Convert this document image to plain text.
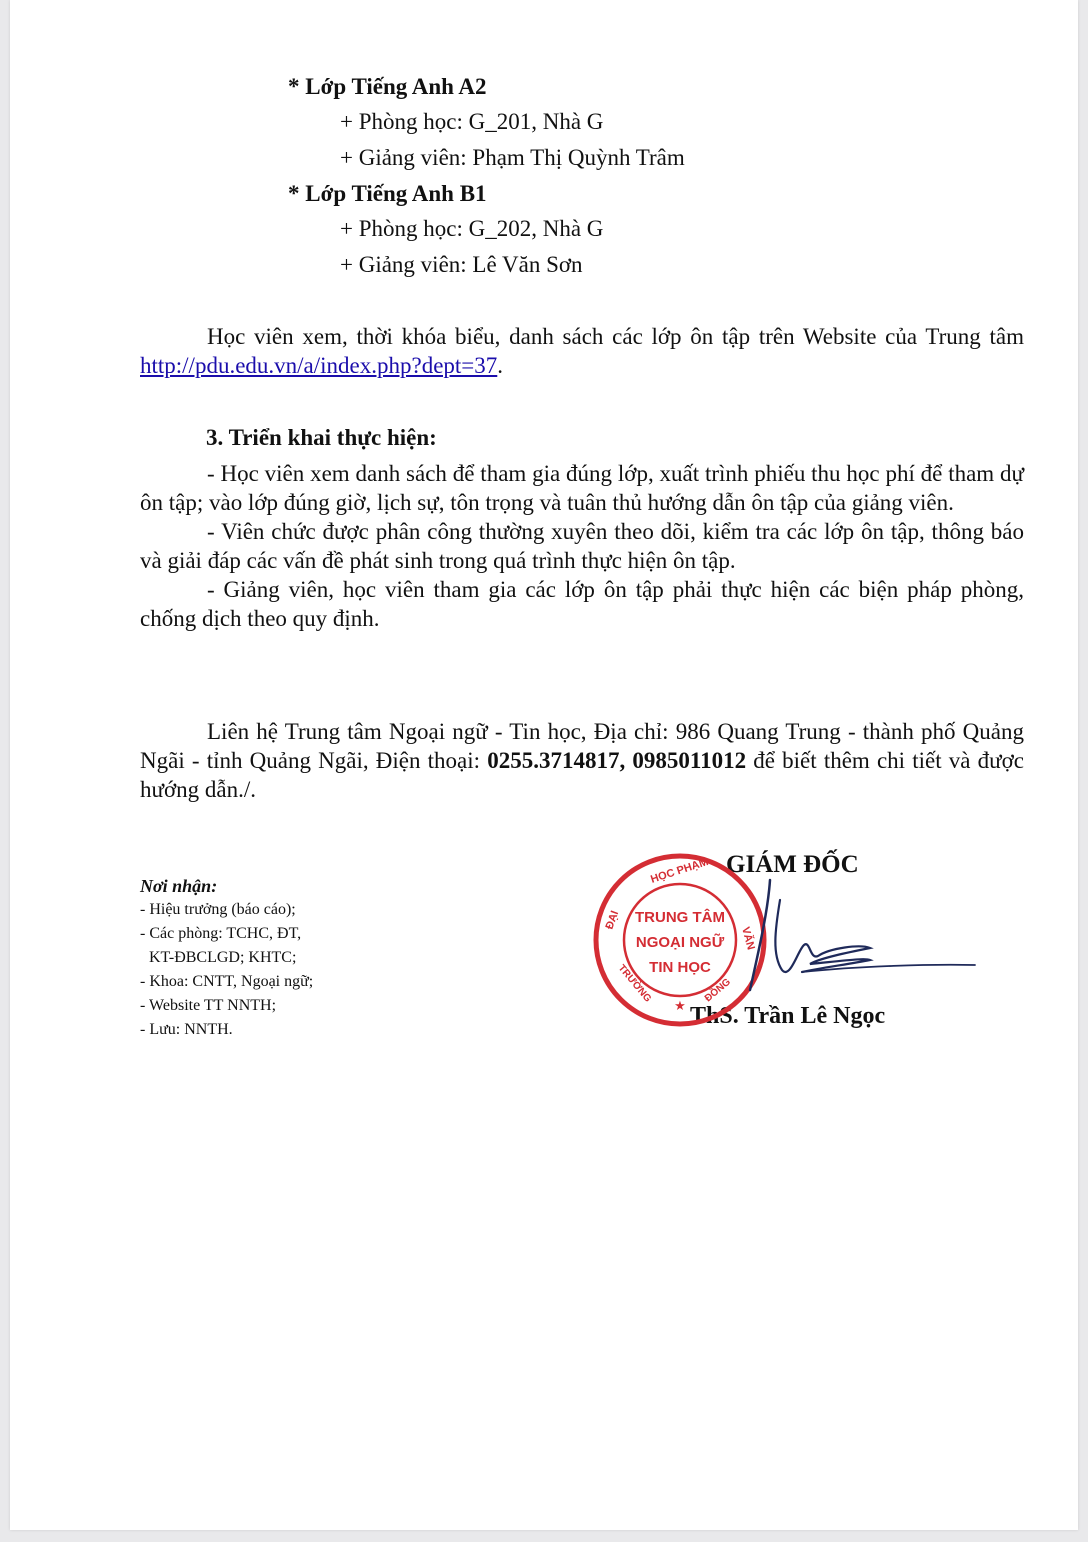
* Lớp Tiếng Anh A2
+ Phòng học: G_201, Nhà G
+ Giảng viên: Phạm Thị Quỳnh Trâm
* Lớp Tiếng Anh B1
+ Phòng học: G_202, Nhà G
+ Giảng viên: Lê Văn Sơn

Học viên xem, thời khóa biểu, danh sách các lớp ôn tập trên Website của Trung tâm http://pdu.edu.vn/a/index.php?dept=37.

3. Triển khai thực hiện:

- Học viên xem danh sách để tham gia đúng lớp, xuất trình phiếu thu học phí để tham dự ôn tập; vào lớp đúng giờ, lịch sự, tôn trọng và tuân thủ hướng dẫn ôn tập của giảng viên.

- Viên chức được phân công thường xuyên theo dõi, kiểm tra các lớp ôn tập, thông báo và giải đáp các vấn đề phát sinh trong quá trình thực hiện ôn tập.

- Giảng viên, học viên tham gia các lớp ôn tập phải thực hiện các biện pháp phòng, chống dịch theo quy định.

Liên hệ Trung tâm Ngoại ngữ - Tin học, Địa chỉ: 986 Quang Trung - thành phố Quảng Ngãi - tỉnh Quảng Ngãi, Điện thoại: 0255.3714817, 0985011012 để biết thêm chi tiết và được hướng dẫn./.

Nơi nhận:
- Hiệu trưởng (báo cáo);
- Các phòng: TCHC, ĐT,
KT-ĐBCLGD; KHTC;
- Khoa: CNTT, Ngoại ngữ;
- Website TT NNTH;
- Lưu: NNTH.
GIÁM ĐỐC
ThS. Trần Lê Ngọc
HỌC PHẠM
ĐẠI
VĂN
TRƯỜNG	ĐỒNG
TRUNG TÂM
NGOẠI NGỮ
TIN HỌC
★
